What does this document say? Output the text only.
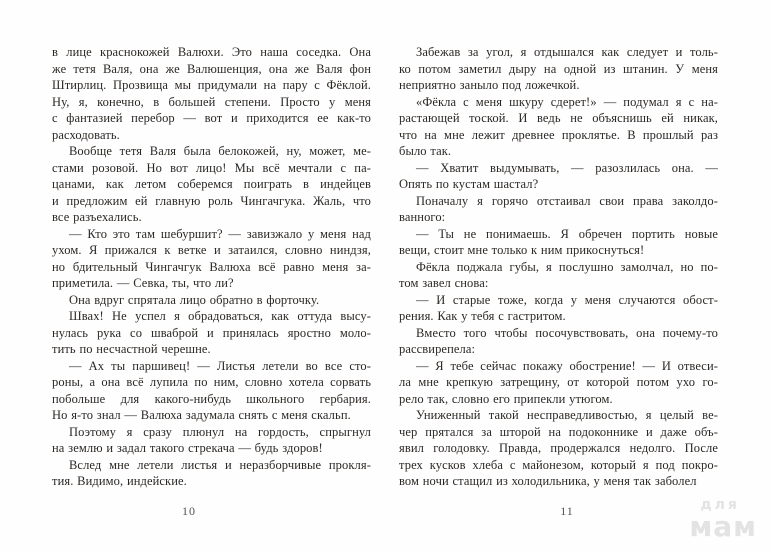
в лице краснокожей Валюхи. Это наша соседка. Она
же тетя Валя, она же Валюшенция, она же Валя фон
Штирлиц. Прозвища мы придумали на пару с Фёклой.
Ну, я, конечно, в большей степени. Просто у меня
с фантазией перебор — вот и приходится ее как-то
расходовать.
Вообще тетя Валя была белокожей, ну, может, ме-
стами розовой. Но вот лицо! Мы всё мечтали с па-
цанами, как летом соберемся поиграть в индейцев
и предложим ей главную роль Чингачгука. Жаль, что
все разъехались.
— Кто это там шебуршит? — завизжало у меня над
ухом. Я прижался к ветке и затаился, словно ниндзя,
но бдительный Чингачгук Валюха всё равно меня за-
приметила. — Севка, ты, что ли?
Она вдруг спрятала лицо обратно в форточку.
Швах! Не успел я обрадоваться, как оттуда высу-
нулась рука со шваброй и принялась яростно моло-
тить по несчастной черешне.
— Ах ты паршивец! — Листья летели во все сто-
роны, а она всё лупила по ним, словно хотела сорвать
побольше для какого-нибудь школьного гербария.
Но я-то знал — Валюха задумала снять с меня скальп.
Поэтому я сразу плюнул на гордость, спрыгнул
на землю и задал такого стрекача — будь здоров!
Вслед мне летели листья и неразборчивые прокля-
тия. Видимо, индейские.
10
Забежав за угол, я отдышался как следует и толь-
ко потом заметил дыру на одной из штанин. У меня
неприятно заныло под ложечкой.
«Фёкла с меня шкуру сдерет!» — подумал я с на-
растающей тоской. И ведь не объяснишь ей никак,
что на мне лежит древнее проклятье. В прошлый раз
было так.
— Хватит выдумывать, — разозлилась она. —
Опять по кустам шастал?
Поначалу я горячо отстаивал свои права заколдо-
ванного:
— Ты не понимаешь. Я обречен портить новые
вещи, стоит мне только к ним прикоснуться!
Фёкла поджала губы, я послушно замолчал, но по-
том завел снова:
— И старые тоже, когда у меня случаются обост-
рения. Как у тебя с гастритом.
Вместо того чтобы посочувствовать, она почему-то
рассвирепела:
— Я тебе сейчас покажу обострение! — И отвеси-
ла мне крепкую затрещину, от которой потом ухо го-
рело так, словно его припекли утюгом.
Униженный такой несправедливостью, я целый ве-
чер прятался за шторой на подоконнике и даже объ-
явил голодовку. Правда, продержался недолго. После
трех кусков хлеба с майонезом, который я под покро-
вом ночи стащил из холодильника, у меня так заболел
11	для
мам
